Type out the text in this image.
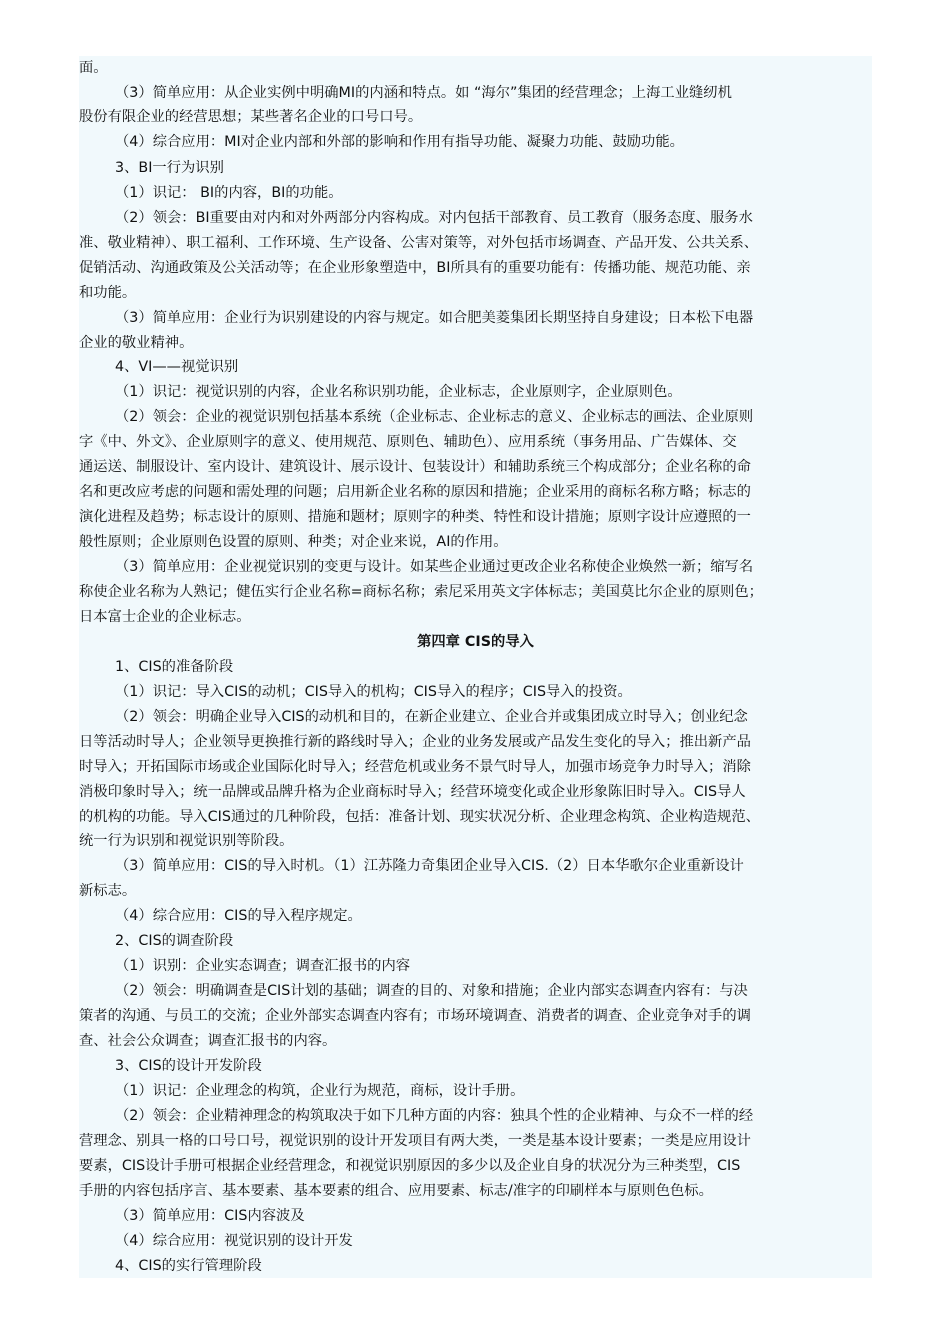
面。
（3）简单应用：从企业实例中明确MI的内涵和特点。如 “海尔”集团的经营理念；上海工业缝纫机
股份有限企业的经营思想；某些著名企业的口号口号。
（4）综合应用：MI对企业内部和外部的影响和作用有指导功能、凝聚力功能、鼓励功能。
3、BI一行为识别
（1）识记： BI的内容，BI的功能。
（2）领会：BI重要由对内和对外两部分内容构成。对内包括干部教育、员工教育（服务态度、服务水
准、敬业精神）、职工福利、工作环境、生产设备、公害对策等，对外包括市场调查、产品开发、公共关系、
促销活动、沟通政策及公关活动等；在企业形象塑造中，BI所具有的重要功能有：传播功能、规范功能、亲
和功能。
（3）简单应用：企业行为识别建设的内容与规定。如合肥美菱集团长期坚持自身建设；日本松下电器
企业的敬业精神。
4、VI——视觉识别
（1）识记：视觉识别的内容，企业名称识别功能，企业标志，企业原则字，企业原则色。
（2）领会：企业的视觉识别包括基本系统（企业标志、企业标志的意义、企业标志的画法、企业原则
字《中、外文》、企业原则字的意义、使用规范、原则色、辅助色）、应用系统（事务用品、广告媒体、交
通运送、制服设计、室内设计、建筑设计、展示设计、包装设计）和辅助系统三个构成部分；企业名称的命
名和更改应考虑的问题和需处理的问题；启用新企业名称的原因和措施；企业采用的商标名称方略；标志的
演化进程及趋势；标志设计的原则、措施和题材；原则字的种类、特性和设计措施；原则字设计应遵照的一
般性原则；企业原则色设置的原则、种类；对企业来说，AI的作用。
（3）简单应用：企业视觉识别的变更与设计。如某些企业通过更改企业名称使企业焕然一新；缩写名
称使企业名称为人熟记；健伍实行企业名称=商标名称；索尼采用英文字体标志；美国莫比尔企业的原则色；
日本富士企业的企业标志。
第四章 CIS的导入
1、CIS的准备阶段
（1）识记：导入CIS的动机；CIS导入的机构；CIS导入的程序；CIS导入的投资。
（2）领会：明确企业导入CIS的动机和目的，在新企业建立、企业合并或集团成立时导入；创业纪念
日等活动时导人；企业领导更换推行新的路线时导入；企业的业务发展或产品发生变化的导入；推出新产品
时导入；开拓国际市场或企业国际化时导入；经营危机或业务不景气时导人，加强市场竞争力时导入；消除
消极印象时导入；统一品牌或品牌升格为企业商标时导入；经营环境变化或企业形象陈旧时导入。CIS导人
的机构的功能。导入CIS通过的几种阶段，包括：准备计划、现实状况分析、企业理念构筑、企业构造规范、
统一行为识别和视觉识别等阶段。
（3）简单应用：CIS的导入时机。（1）江苏隆力奇集团企业导入CIS.（2）日本华歌尔企业重新设计
新标志。
（4）综合应用：CIS的导入程序规定。
2、CIS的调查阶段
（1）识别：企业实态调查；调查汇报书的内容
（2）领会：明确调查是CIS计划的基础；调查的目的、对象和措施；企业内部实态调查内容有：与决
策者的沟通、与员工的交流；企业外部实态调查内容有；市场环境调查、消费者的调查、企业竞争对手的调
查、社会公众调查；调查汇报书的内容。
3、CIS的设计开发阶段
（1）识记：企业理念的构筑，企业行为规范，商标，设计手册。
（2）领会：企业精神理念的构筑取决于如下几种方面的内容：独具个性的企业精神、与众不一样的经
营理念、别具一格的口号口号，视觉识别的设计开发项目有两大类，一类是基本设计要素；一类是应用设计
要素，CIS设计手册可根据企业经营理念，和视觉识别原因的多少以及企业自身的状况分为三种类型，CIS
手册的内容包括序言、基本要素、基本要素的组合、应用要素、标志/准字的印刷样本与原则色色标。
（3）简单应用：CIS内容波及
（4）综合应用：视觉识别的设计开发
4、CIS的实行管理阶段
